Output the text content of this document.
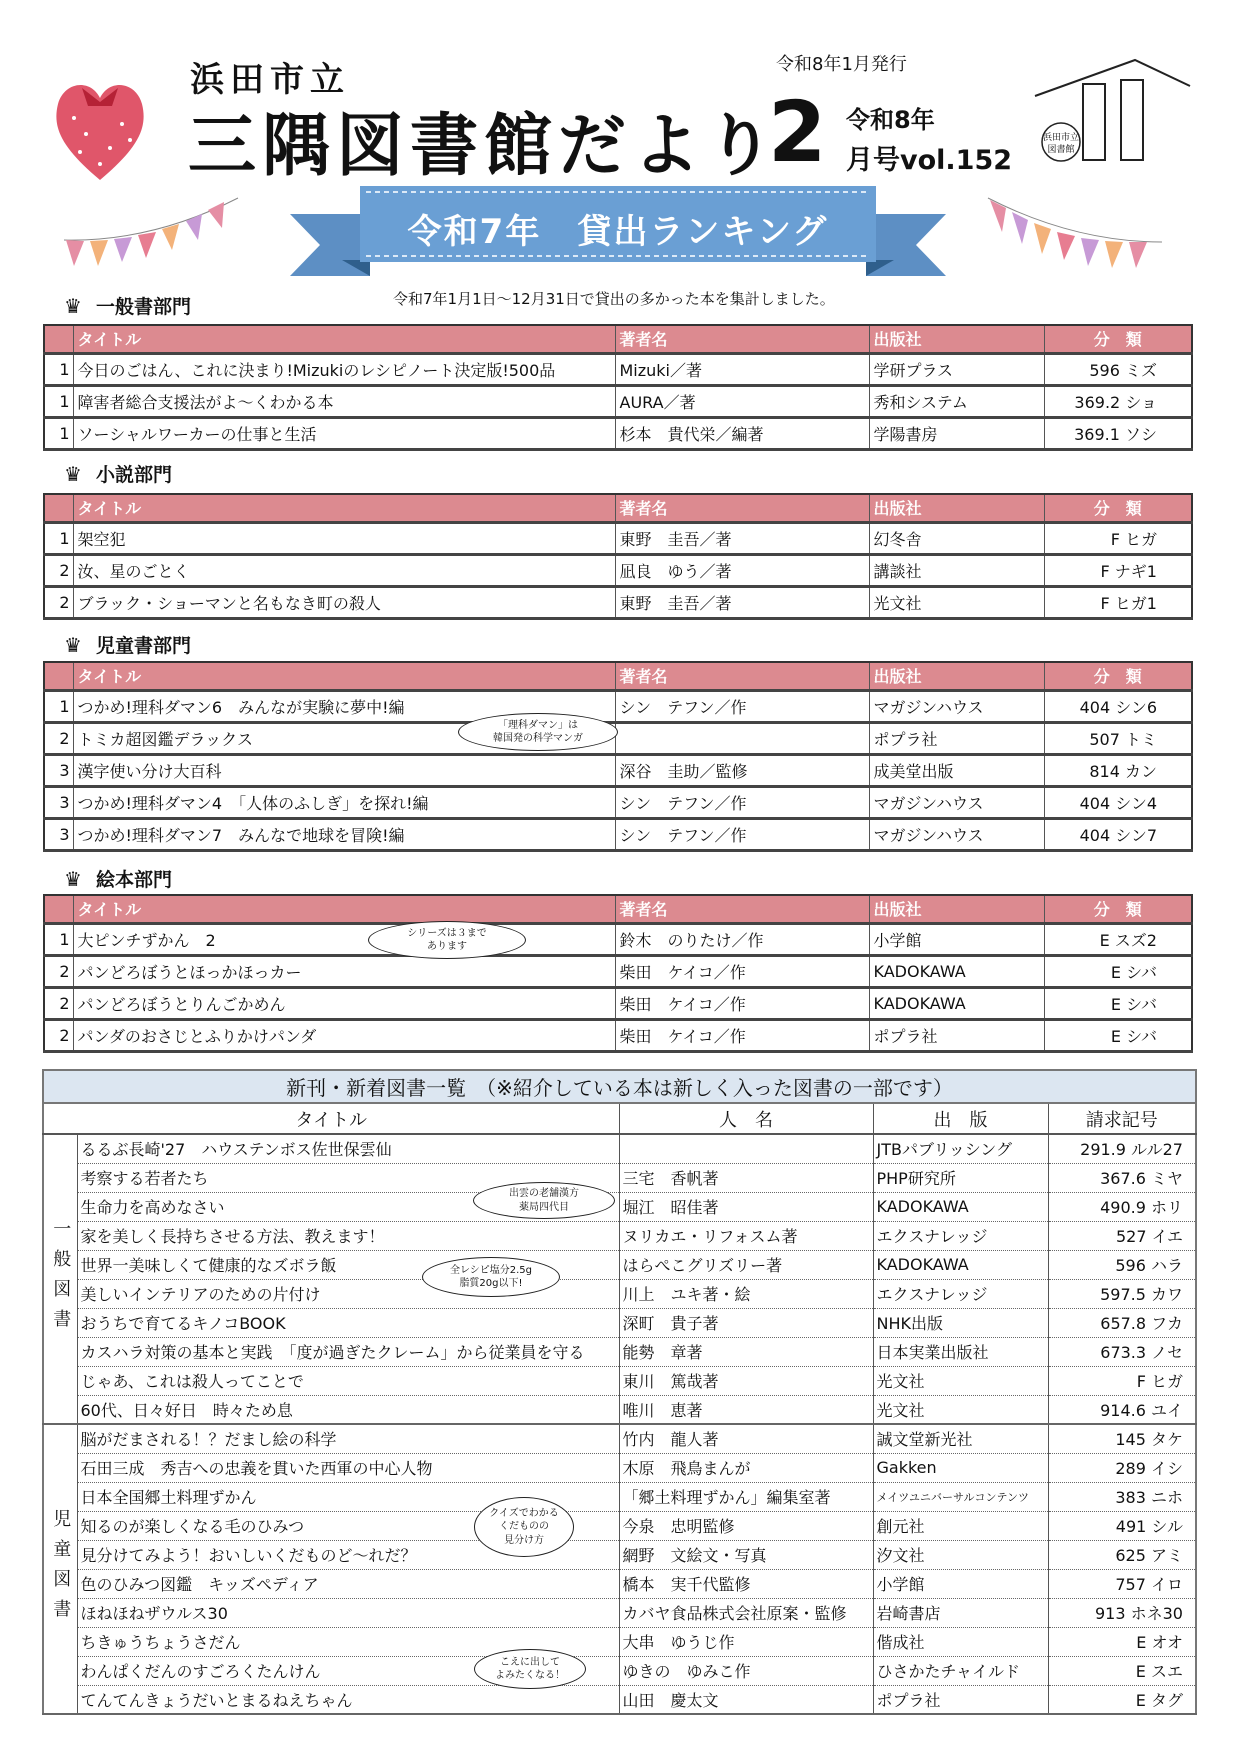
浜田市立
三隅図書館だより
令和8年1月発行
2 令和8年
月号vol.152
浜田市立
図書館
令和7年　貸出ランキング
令和7年1月1日～12月31日で貸出の多かった本を集計しました。
♛ 一般書部門
	タイトル	著者名	出版社	分　類
1	今日のごはん、これに決まり!Mizukiのレシピノート決定版!500品	Mizuki／著	学研プラス	596 ミズ
1	障害者総合支援法がよ～くわかる本	AURA／著	秀和システム	369.2 ショ
1	ソーシャルワーカーの仕事と生活	杉本　貴代栄／編著	学陽書房	369.1 ソシ
♛ 小説部門
	タイトル	著者名	出版社	分　類
1	架空犯	東野　圭吾／著	幻冬舎	F ヒガ
2	汝、星のごとく	凪良　ゆう／著	講談社	F ナギ1
2	ブラック・ショーマンと名もなき町の殺人	東野　圭吾／著	光文社	F ヒガ1
♛ 児童書部門
	タイトル	著者名	出版社	分　類
1	つかめ!理科ダマン6　みんなが実験に夢中!編	シン　テフン／作	マガジンハウス	404 シン6
2	トミカ超図鑑デラックス		ポプラ社	507 トミ
3	漢字使い分け大百科	深谷　圭助／監修	成美堂出版	814 カン
3	つかめ!理科ダマン4　「人体のふしぎ」を探れ!編	シン　テフン／作	マガジンハウス	404 シン4
3	つかめ!理科ダマン7　みんなで地球を冒険!編	シン　テフン／作	マガジンハウス	404 シン7
♛ 絵本部門
	タイトル	著者名	出版社	分　類
1	大ピンチずかん　2	鈴木　のりたけ／作	小学館	E スズ2
2	パンどろぼうとほっかほっカー	柴田　ケイコ／作	KADOKAWA	E シバ
2	パンどろぼうとりんごかめん	柴田　ケイコ／作	KADOKAWA	E シバ
2	パンダのおさじとふりかけパンダ	柴田　ケイコ／作	ポプラ社	E シバ
新刊・新着図書一覧　（※紹介している本は新しく入った図書の一部です）				
タイトル		人　名	出　版	請求記号
一般図書	るるぶ長崎'27　ハウステンボス佐世保雲仙		JTBパブリッシング	291.9 ルル27
	考察する若者たち	三宅　香帆著	PHP研究所	367.6 ミヤ
	生命力を高めなさい	堀江　昭佳著	KADOKAWA	490.9 ホリ
	家を美しく長持ちさせる方法、教えます！	ヌリカエ・リフォスム著	エクスナレッジ	527 イエ
	世界一美味しくて健康的なズボラ飯	はらぺこグリズリー著	KADOKAWA	596 ハラ
	美しいインテリアのための片付け	川上　ユキ著・絵	エクスナレッジ	597.5 カワ
	おうちで育てるキノコBOOK	深町　貴子著	NHK出版	657.8 フカ
	カスハラ対策の基本と実践　「度が過ぎたクレーム」から従業員を守る	能勢　章著	日本実業出版社	673.3 ノセ
	じゃあ、これは殺人ってことで	東川　篤哉著	光文社	F ヒガ
	60代、日々好日　時々ため息	唯川　恵著	光文社	914.6 ユイ
児童図書	脳がだまされる！？だまし絵の科学	竹内　龍人著	誠文堂新光社	145 タケ
	石田三成　秀吉への忠義を貫いた西軍の中心人物	木原　飛鳥まんが	Gakken	289 イシ
	日本全国郷土料理ずかん	「郷土料理ずかん」編集室著	メイツユニバーサルコンテンツ	383 ニホ
	知るのが楽しくなる毛のひみつ	今泉　忠明監修	創元社	491 シル
	見分けてみよう！おいしいくだものど～れだ？	網野　文絵文・写真	汐文社	625 アミ
	色のひみつ図鑑　キッズペディア	橋本　実千代監修	小学館	757 イロ
	ほねほねザウルス30	カバヤ食品株式会社原案・監修	岩崎書店	913 ホネ30
	ちきゅうちょうさだん	大串　ゆうじ作	偕成社	E オオ
	わんぱくだんのすごろくたんけん	ゆきの　ゆみこ作	ひさかたチャイルド	E スエ
	てんてんきょうだいとまるねえちゃん	山田　慶太文	ポプラ社	E タグ
「理科ダマン」は
韓国発の科学マンガ
シリーズは３まで
あります
出雲の老舗漢方
薬局四代目
全レシピ塩分2.5g
脂質20g以下!
クイズでわかる
くだものの
見分け方
こえに出して
よみたくなる！
